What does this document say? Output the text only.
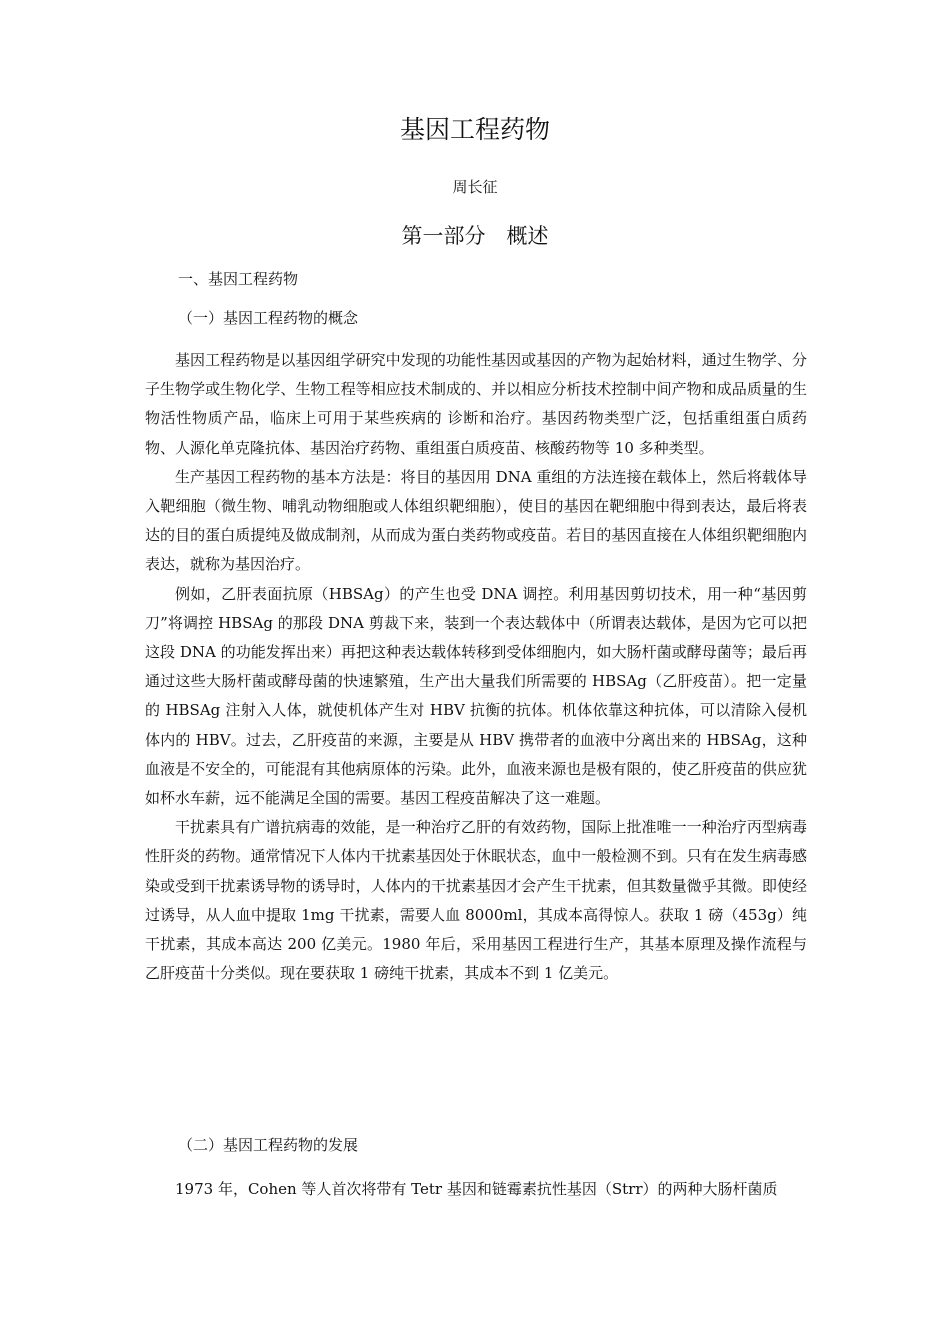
基因工程药物
周长征
第一部分　概述
一、基因工程药物
（一）基因工程药物的概念

基因工程药物是以基因组学研究中发现的功能性基因或基因的产物为起始材料，通过生物学、分子生物学或生物化学、生物工程等相应技术制成的、并以相应分析技术控制中间产物和成品质量的生物活性物质产品，临床上可用于某些疾病的 诊断和治疗。基因药物类型广泛，包括重组蛋白质药物、人源化单克隆抗体、基因治疗药物、重组蛋白质疫苗、核酸药物等 10 多种类型。

生产基因工程药物的基本方法是：将目的基因用 DNA 重组的方法连接在载体上，然后将载体导入靶细胞（微生物、哺乳动物细胞或人体组织靶细胞），使目的基因在靶细胞中得到表达，最后将表达的目的蛋白质提纯及做成制剂，从而成为蛋白类药物或疫苗。若目的基因直接在人体组织靶细胞内表达，就称为基因治疗。

例如，乙肝表面抗原（HBSAg）的产生也受 DNA 调控。利用基因剪切技术，用一种“基因剪刀”将调控 HBSAg 的那段 DNA 剪裁下来，装到一个表达载体中（所谓表达载体，是因为它可以把这段 DNA 的功能发挥出来）再把这种表达载体转移到受体细胞内，如大肠杆菌或酵母菌等；最后再通过这些大肠杆菌或酵母菌的快速繁殖，生产出大量我们所需要的 HBSAg（乙肝疫苗）。把一定量的 HBSAg 注射入人体，就使机体产生对 HBV 抗衡的抗体。机体依靠这种抗体，可以清除入侵机体内的 HBV。过去，乙肝疫苗的来源，主要是从 HBV 携带者的血液中分离出来的 HBSAg，这种血液是不安全的，可能混有其他病原体的污染。此外，血液来源也是极有限的，使乙肝疫苗的供应犹如杯水车薪，远不能满足全国的需要。基因工程疫苗解决了这一难题。

干扰素具有广谱抗病毒的效能，是一种治疗乙肝的有效药物，国际上批准唯一一种治疗丙型病毒性肝炎的药物。通常情况下人体内干扰素基因处于休眠状态，血中一般检测不到。只有在发生病毒感染或受到干扰素诱导物的诱导时，人体内的干扰素基因才会产生干扰素，但其数量微乎其微。即使经过诱导，从人血中提取 1mg 干扰素，需要人血 8000ml，其成本高得惊人。获取 1 磅（453g）纯干扰素，其成本高达 200 亿美元。1980 年后，采用基因工程进行生产，其基本原理及操作流程与乙肝疫苗十分类似。现在要获取 1 磅纯干扰素，其成本不到 1 亿美元。

（二）基因工程药物的发展

1973 年，Cohen 等人首次将带有 Tetr 基因和链霉素抗性基因（Strr）的两种大肠杆菌质
